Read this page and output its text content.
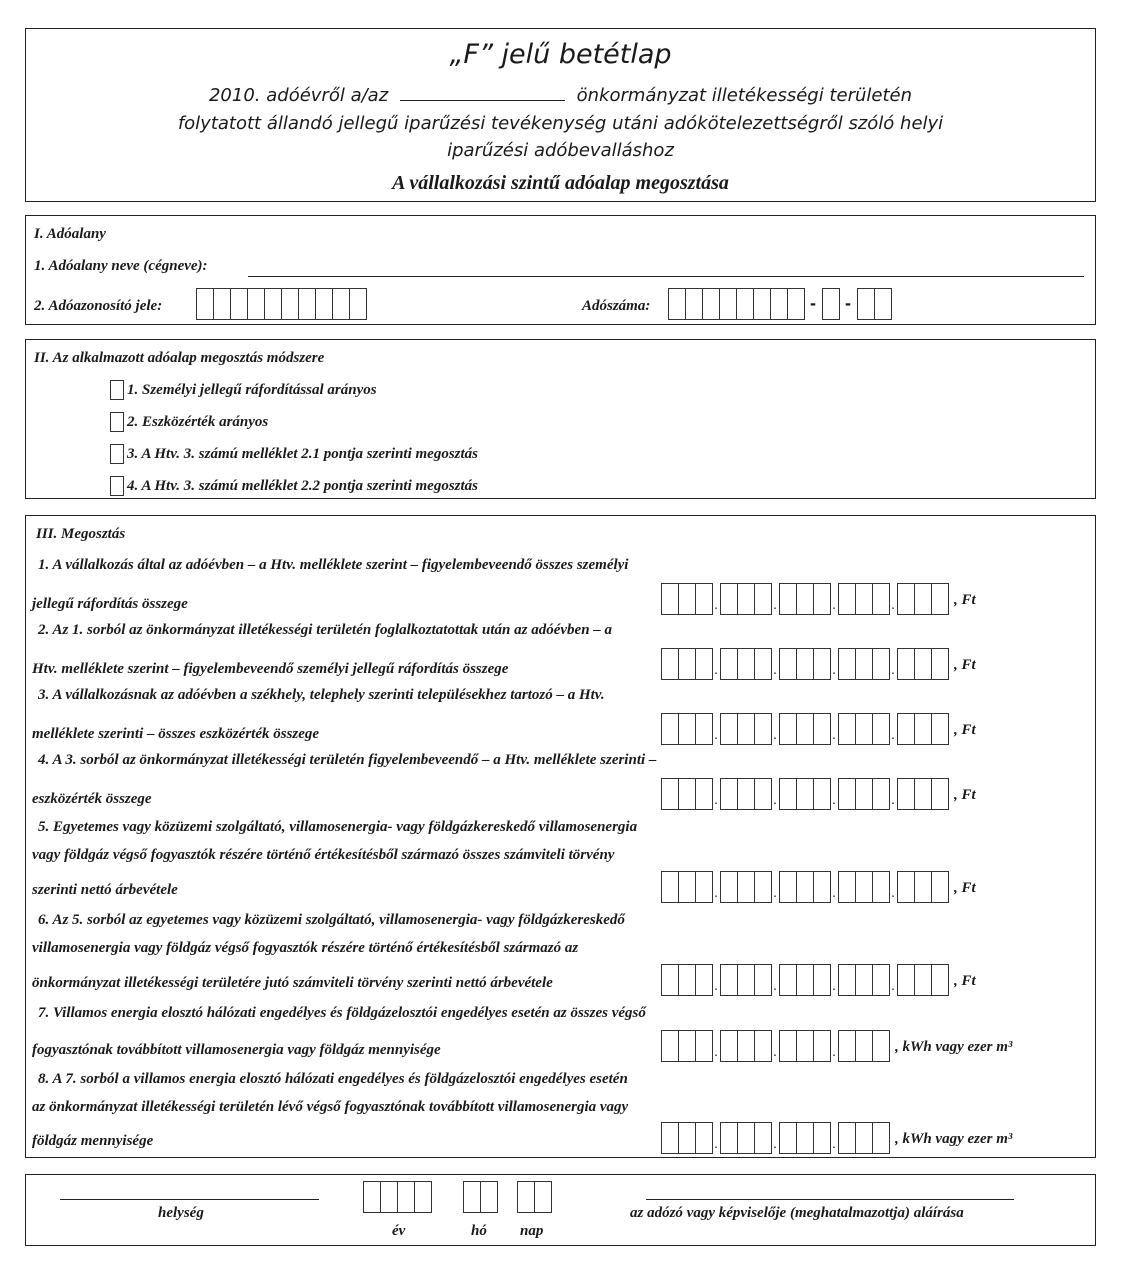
„F” jelű betétlap
2010. adóévről a/az	önkormányzat illetékességi területén
folytatott állandó jellegű iparűzési tevékenység utáni adókötelezettségről szóló helyi
iparűzési adóbevalláshoz
A vállalkozási szintű adóalap megosztása
I. Adóalany
1. Adóalany neve (cégneve):
2. Adóazonosító jele:	Adószáma:	-	-
II. Az alkalmazott adóalap megosztás módszere
1. Személyi jellegű ráfordítással arányos
2. Eszközérték arányos
3. A Htv. 3. számú melléklet 2.1 pontja szerinti megosztás
4. A Htv. 3. számú melléklet 2.2 pontja szerinti megosztás
III. Megosztás
1. A vállalkozás által az adóévben – a Htv. melléklete szerint – figyelembeveendő összes személyi
jellegű ráfordítás összege	.	.	.	.	, Ft
2. Az 1. sorból az önkormányzat illetékességi területén foglalkoztatottak után az adóévben – a
Htv. melléklete szerint – figyelembeveendő személyi jellegű ráfordítás összege	.	.	.	.	, Ft
3. A vállalkozásnak az adóévben a székhely, telephely szerinti településekhez tartozó – a Htv.
melléklete szerinti – összes eszközérték összege	.	.	.	.	, Ft
4. A 3. sorból az önkormányzat illetékességi területén figyelembeveendő – a Htv. melléklete szerinti –
eszközérték összege	.	.	.	.	, Ft
5. Egyetemes vagy közüzemi szolgáltató, villamosenergia- vagy földgázkereskedő villamosenergia
vagy földgáz végső fogyasztók részére történő értékesítésből származó összes számviteli törvény
szerinti nettó árbevétele	.	.	.	.	, Ft
6. Az 5. sorból az egyetemes vagy közüzemi szolgáltató, villamosenergia- vagy földgázkereskedő
villamosenergia vagy földgáz végső fogyasztók részére történő értékesítésből származó az
önkormányzat illetékességi területére jutó számviteli törvény szerinti nettó árbevétele	.	.	.	.	, Ft
7. Villamos energia elosztó hálózati engedélyes és földgázelosztói engedélyes esetén az összes végső
fogyasztónak továbbított villamosenergia vagy földgáz mennyisége	.	.	.	, kWh vagy ezer m³
8. A 7. sorból a villamos energia elosztó hálózati engedélyes és földgázelosztói engedélyes esetén
az önkormányzat illetékességi területén lévő végső fogyasztónak továbbított villamosenergia vagy
földgáz mennyisége	.	.	.	, kWh vagy ezer m³
helység
év	hó nap
az adózó vagy képviselője (meghatalmazottja) aláírása
